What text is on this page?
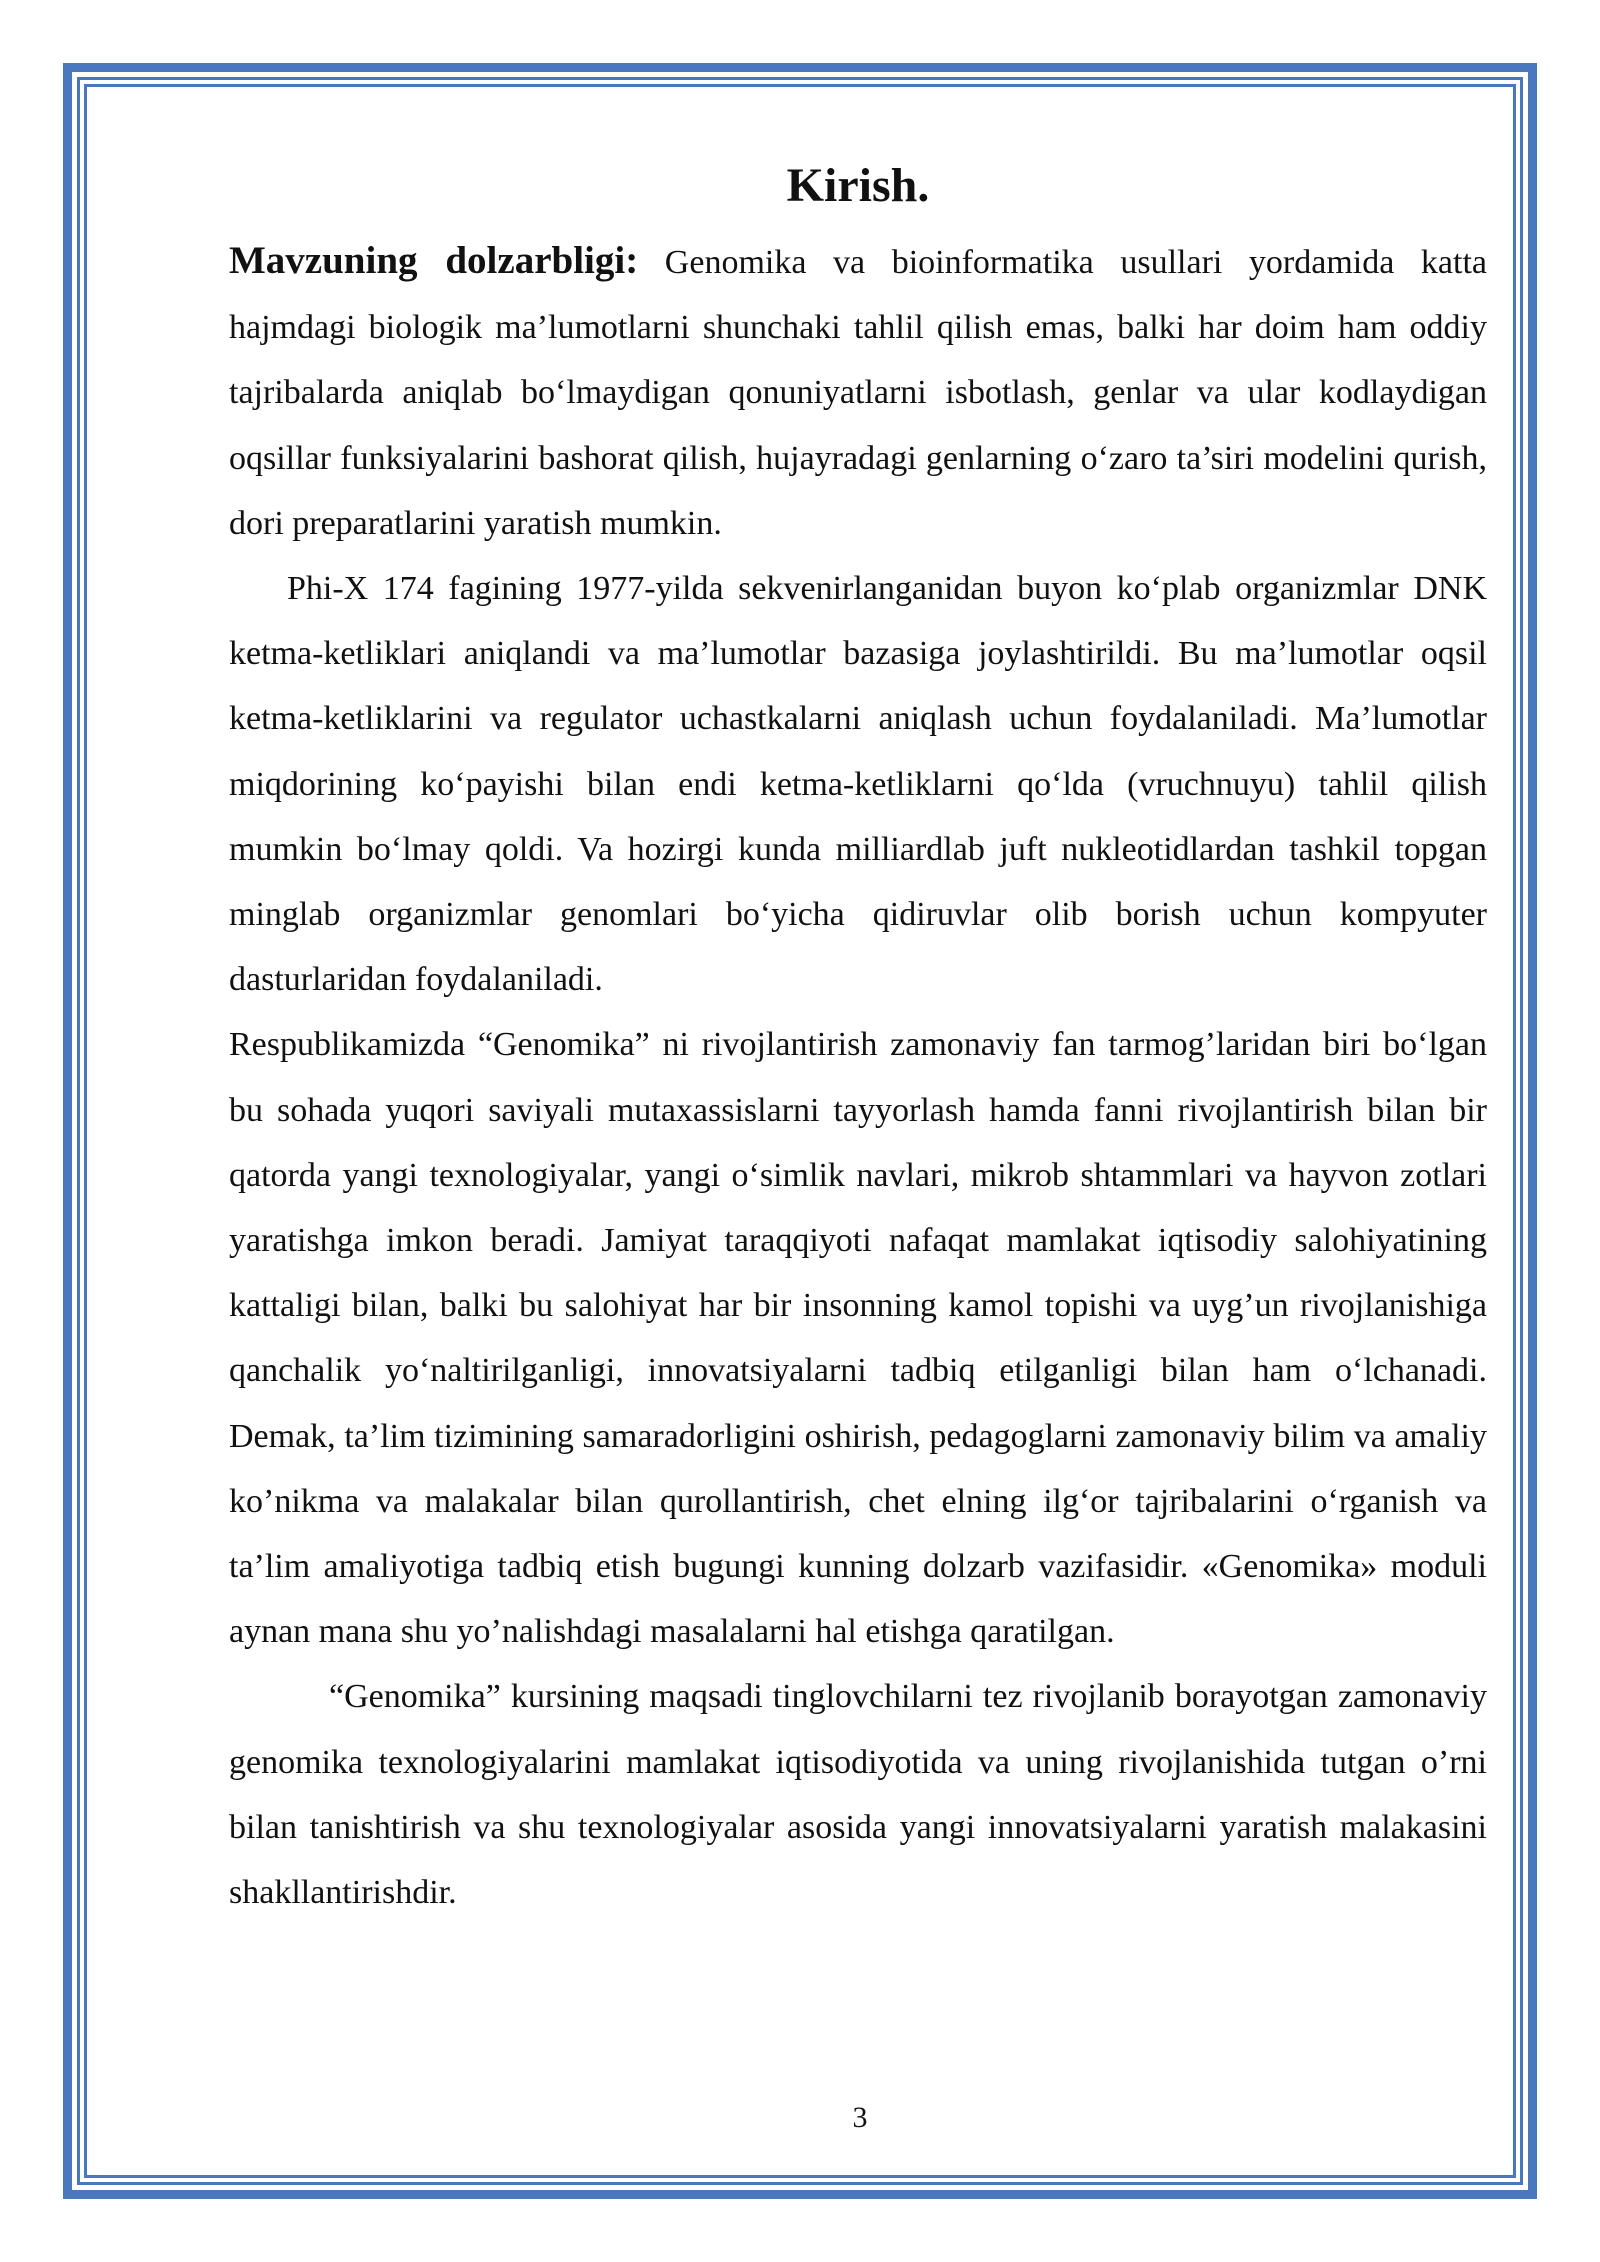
Kirish.

Mavzuning dolzarbligi: Genomika va bioinformatika usullari yordamida katta hajmdagi biologik ma’lumotlarni shunchaki tahlil qilish emas, balki har doim ham oddiy tajribalarda aniqlab bo‘lmaydigan qonuniyatlarni isbotlash, genlar va ular kodlaydigan oqsillar funksiyalarini bashorat qilish, hujayradagi genlarning o‘zaro ta’siri modelini qurish, dori preparatlarini yaratish mumkin.

Phi-X 174 fagining 1977-yilda sekvenirlanganidan buyon ko‘plab organizmlar DNK ketma-ketliklari aniqlandi va ma’lumotlar bazasiga joylashtirildi. Bu ma’lumotlar oqsil ketma-ketliklarini va regulator uchastkalarni aniqlash uchun foydalaniladi. Ma’lumotlar miqdorining ko‘payishi bilan endi ketma-ketliklarni qo‘lda (vruchnuyu) tahlil qilish mumkin bo‘lmay qoldi. Va hozirgi kunda milliardlab juft nukleotidlardan tashkil topgan minglab organizmlar genomlari bo‘yicha qidiruvlar olib borish uchun kompyuter dasturlaridan foydalaniladi.

Respublikamizda “Genomika” ni rivojlantirish zamonaviy fan tarmog’laridan biri bo‘lgan bu sohada yuqori saviyali mutaxassislarni tayyorlash hamda fanni rivojlantirish bilan bir qatorda yangi texnologiyalar, yangi o‘simlik navlari, mikrob shtammlari va hayvon zotlari yaratishga imkon beradi. Jamiyat taraqqiyoti nafaqat mamlakat iqtisodiy salohiyatining kattaligi bilan, balki bu salohiyat har bir insonning kamol topishi va uyg’un rivojlanishiga qanchalik yo‘naltirilganligi, innovatsiyalarni tadbiq etilganligi bilan ham o‘lchanadi. Demak, ta’lim tizimining samaradorligini oshirish, pedagoglarni zamonaviy bilim va amaliy ko’nikma va malakalar bilan qurollantirish, chet elning ilg‘or tajribalarini o‘rganish va ta’lim amaliyotiga tadbiq etish bugungi kunning dolzarb vazifasidir. «Genomika» moduli aynan mana shu yo’nalishdagi masalalarni hal etishga qaratilgan.

“Genomika” kursining maqsadi tinglovchilarni tez rivojlanib borayotgan zamonaviy genomika texnologiyalarini mamlakat iqtisodiyotida va uning rivojlanishida tutgan o’rni bilan tanishtirish va shu texnologiyalar asosida yangi innovatsiyalarni yaratish malakasini shakllantirishdir.

3
